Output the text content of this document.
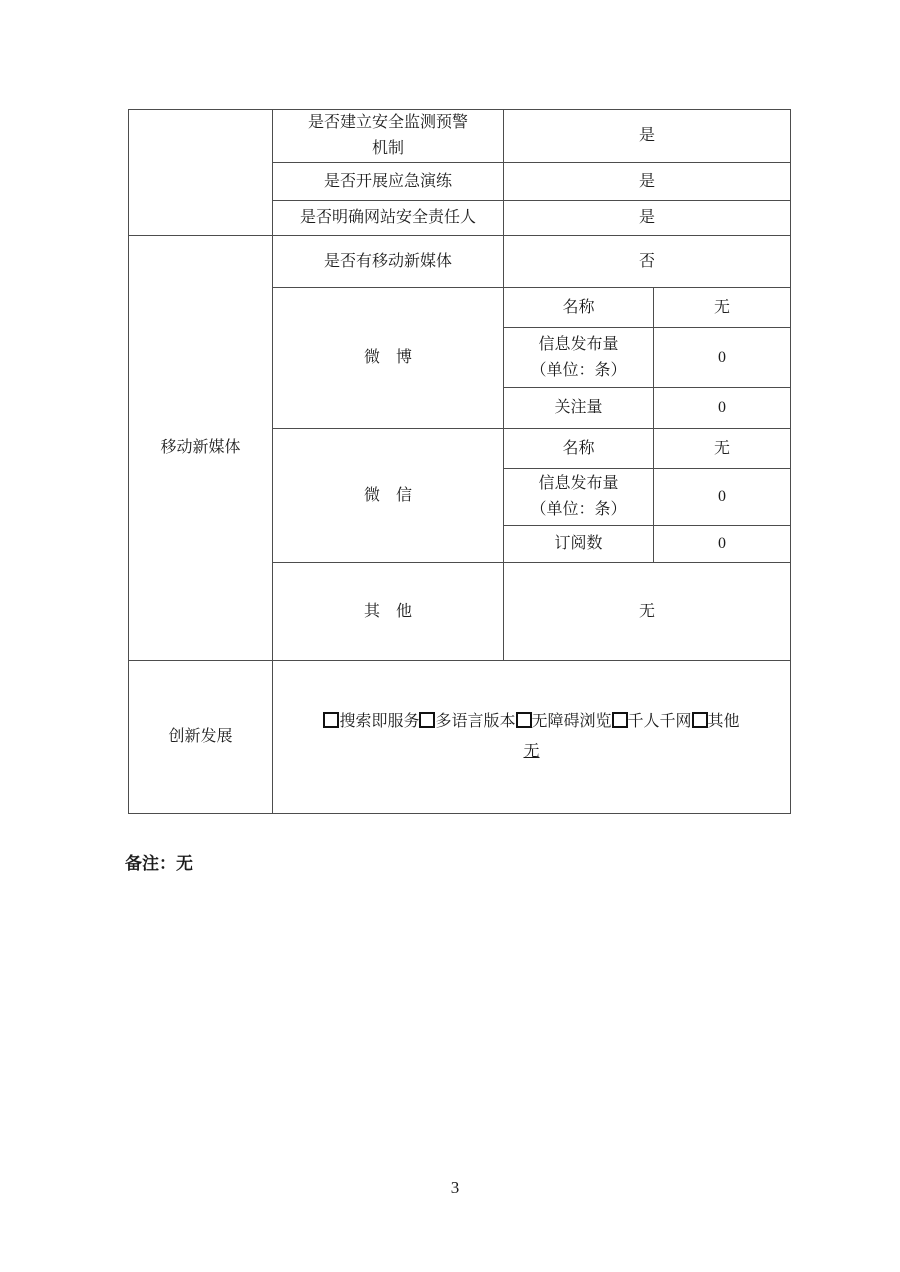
	是否建立安全监测预警
机制	是	
	是否开展应急演练	是	
	是否明确网站安全责任人	是	
移动新媒体	是否有移动新媒体	否	
	微　博	名称	无

		信息发布量
（单位：条）	0
		关注量	0
	微　信	名称	无

		信息发布量
（单位：条）	0
		订阅数	0
	其　他	无	
创新发展	搜索即服务 多语言版本 无障碍浏览 千人千网 其他
无		
备注：无
3
